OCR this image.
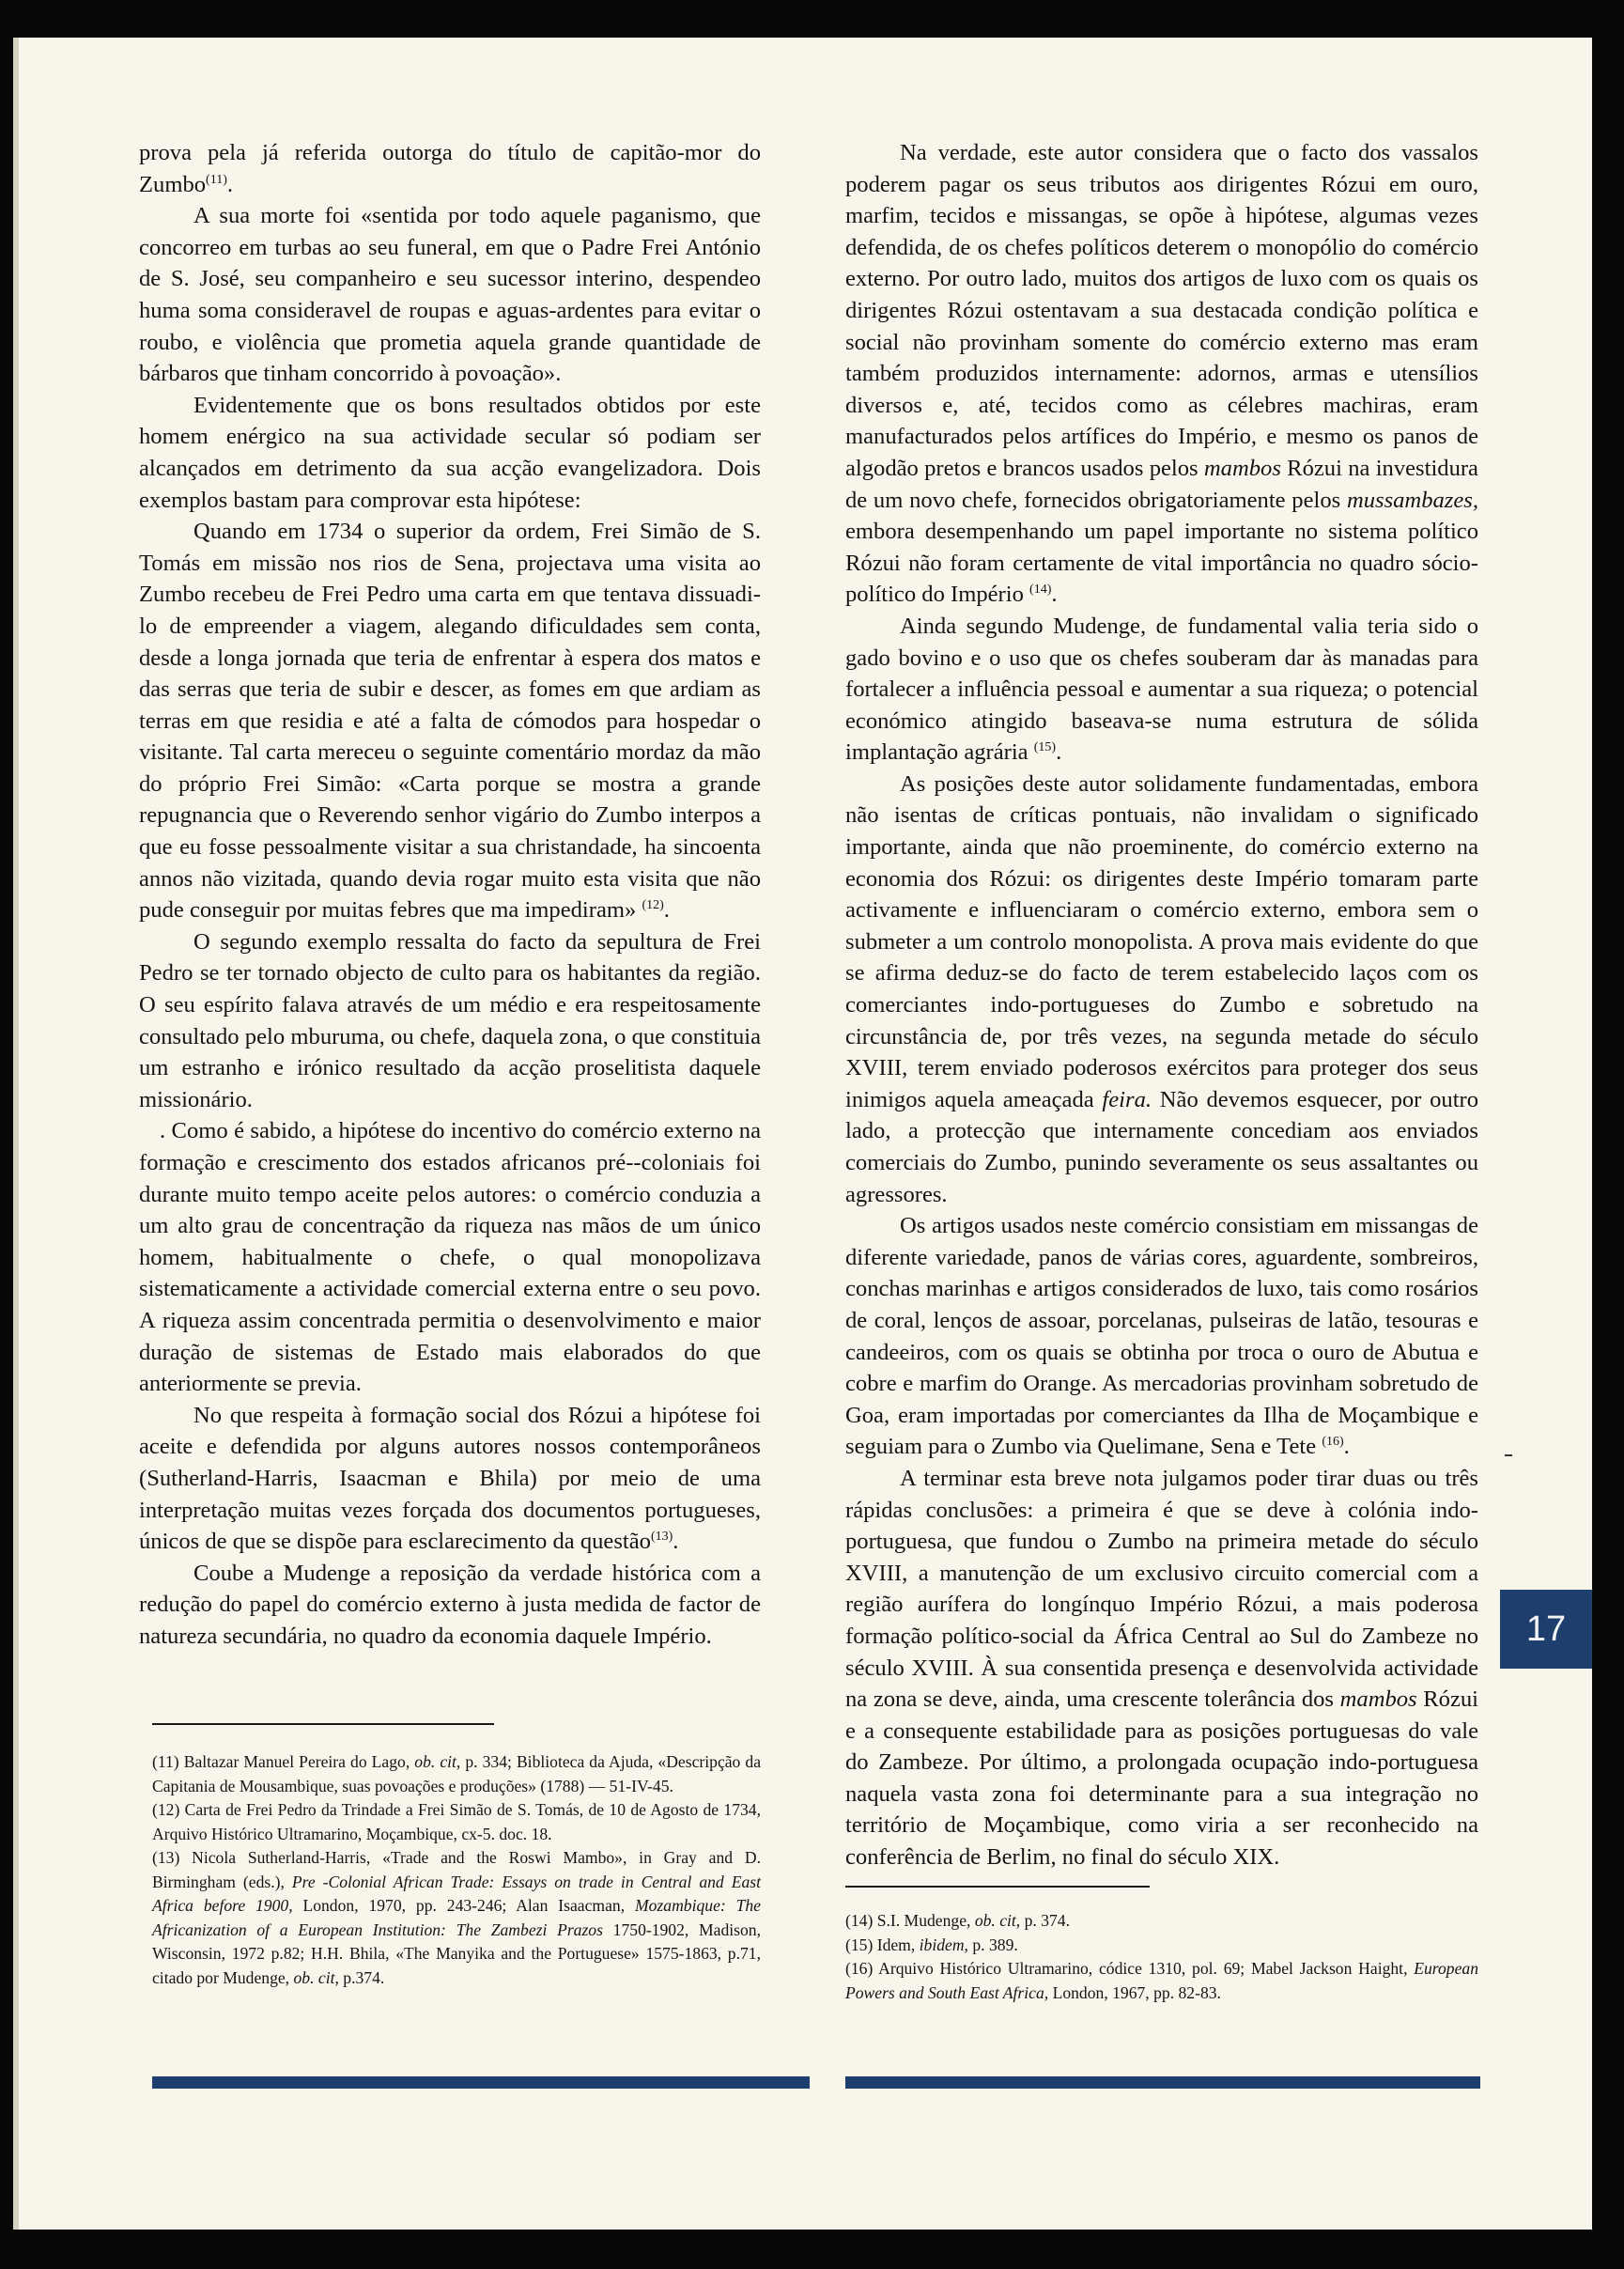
prova pela já referida outorga do título de capitão-mor do Zumbo$^{(11)}$.

A sua morte foi «sentida por todo aquele paganismo, que concorreo em turbas ao seu funeral, em que o Padre Frei António de S. José, seu companheiro e seu sucessor interino, despendeo huma soma consideravel de roupas e aguas-ardentes para evitar o roubo, e violência que prometia aquela grande quantidade de bárbaros que tinham concorrido à povoação».

Evidentemente que os bons resultados obtidos por este homem enérgico na sua actividade secular só podiam ser alcançados em detrimento da sua acção evangelizadora. Dois exemplos bastam para comprovar esta hipótese:

Quando em 1734 o superior da ordem, Frei Simão de S. Tomás em missão nos rios de Sena, projectava uma visita ao Zumbo recebeu de Frei Pedro uma carta em que tentava dissuadi-lo de empreender a viagem, alegando dificuldades sem conta, desde a longa jornada que teria de enfrentar à espera dos matos e das serras que teria de subir e descer, as fomes em que ardiam as terras em que residia e até a falta de cómodos para hospedar o visitante. Tal carta mereceu o seguinte comentário mordaz da mão do próprio Frei Simão: «Carta porque se mostra a grande repugnancia que o Reverendo senhor vigário do Zumbo interpos a que eu fosse pessoalmente visitar a sua christandade, ha sincoenta annos não vizitada, quando devia rogar muito esta visita que não pude conseguir por muitas febres que ma impediram» $^{(12)}$.

O segundo exemplo ressalta do facto da sepultura de Frei Pedro se ter tornado objecto de culto para os habitantes da região. O seu espírito falava através de um médio e era respeitosamente consultado pelo mburuma, ou chefe, daquela zona, o que constituia um estranho e irónico resultado da acção proselitista daquele missionário.

. Como é sabido, a hipótese do incentivo do comércio externo na formação e crescimento dos estados africanos pré--coloniais foi durante muito tempo aceite pelos autores: o comércio conduzia a um alto grau de concentração da riqueza nas mãos de um único homem, habitualmente o chefe, o qual monopolizava sistematicamente a actividade comercial externa entre o seu povo. A riqueza assim concentrada permitia o desenvolvimento e maior duração de sistemas de Estado mais elaborados do que anteriormente se previa.

No que respeita à formação social dos Rózui a hipótese foi aceite e defendida por alguns autores nossos contemporâneos (Sutherland-Harris, Isaacman e Bhila) por meio de uma interpretação muitas vezes forçada dos documentos portugueses, únicos de que se dispõe para esclarecimento da questão$^{(13)}$.

Coube a Mudenge a reposição da verdade histórica com a redução do papel do comércio externo à justa medida de factor de natureza secundária, no quadro da economia daquele Império.

(11) Baltazar Manuel Pereira do Lago, ob. cit, p. 334; Biblioteca da Ajuda, «Descripção da Capitania de Mousambique, suas povoações e produções» (1788) — 51-IV-45.

(12) Carta de Frei Pedro da Trindade a Frei Simão de S. Tomás, de 10 de Agosto de 1734, Arquivo Histórico Ultramarino, Moçambique, cx-5. doc. 18.

(13) Nicola Sutherland-Harris, «Trade and the Roswi Mambo», in Gray and D. Birmingham (eds.), Pre -Colonial African Trade: Essays on trade in Central and East Africa before 1900, London, 1970, pp. 243-246; Alan Isaacman, Mozambique: The Africanization of a European Institution: The Zambezi Prazos 1750-1902, Madison, Wisconsin, 1972 p.82; H.H. Bhila, «The Manyika and the Portuguese» 1575-1863, p.71, citado por Mudenge, ob. cit, p.374.

Na verdade, este autor considera que o facto dos vassalos poderem pagar os seus tributos aos dirigentes Rózui em ouro, marfim, tecidos e missangas, se opõe à hipótese, algumas vezes defendida, de os chefes políticos deterem o monopólio do comércio externo. Por outro lado, muitos dos artigos de luxo com os quais os dirigentes Rózui ostentavam a sua destacada condição política e social não provinham somente do comércio externo mas eram também produzidos internamente: adornos, armas e utensílios diversos e, até, tecidos como as célebres machiras, eram manufacturados pelos artífices do Império, e mesmo os panos de algodão pretos e brancos usados pelos mambos Rózui na investidura de um novo chefe, fornecidos obrigatoriamente pelos mussambazes, embora desempenhando um papel importante no sistema político Rózui não foram certamente de vital importância no quadro sócio-político do Império $^{(14)}$.

Ainda segundo Mudenge, de fundamental valia teria sido o gado bovino e o uso que os chefes souberam dar às manadas para fortalecer a influência pessoal e aumentar a sua riqueza; o potencial económico atingido baseava-se numa estrutura de sólida implantação agrária $^{(15)}$.

As posições deste autor solidamente fundamentadas, embora não isentas de críticas pontuais, não invalidam o significado importante, ainda que não proeminente, do comércio externo na economia dos Rózui: os dirigentes deste Império tomaram parte activamente e influenciaram o comércio externo, embora sem o submeter a um controlo monopolista. A prova mais evidente do que se afirma deduz-se do facto de terem estabelecido laços com os comerciantes indo-portugueses do Zumbo e sobretudo na circunstância de, por três vezes, na segunda metade do século XVIII, terem enviado poderosos exércitos para proteger dos seus inimigos aquela ameaçada feira. Não devemos esquecer, por outro lado, a protecção que internamente concediam aos enviados comerciais do Zumbo, punindo severamente os seus assaltantes ou agressores.

Os artigos usados neste comércio consistiam em missangas de diferente variedade, panos de várias cores, aguardente, sombreiros, conchas marinhas e artigos considerados de luxo, tais como rosários de coral, lenços de assoar, porcelanas, pulseiras de latão, tesouras e candeeiros, com os quais se obtinha por troca o ouro de Abutua e cobre e marfim do Orange. As mercadorias provinham sobretudo de Goa, eram importadas por comerciantes da Ilha de Moçambique e seguiam para o Zumbo via Quelimane, Sena e Tete $^{(16)}$.

A terminar esta breve nota julgamos poder tirar duas ou três rápidas conclusões: a primeira é que se deve à colónia indo-portuguesa, que fundou o Zumbo na primeira metade do século XVIII, a manutenção de um exclusivo circuito comercial com a região aurífera do longínquo Império Rózui, a mais poderosa formação político-social da África Central ao Sul do Zambeze no século XVIII. À sua consentida presença e desenvolvida actividade na zona se deve, ainda, uma crescente tolerância dos mambos Rózui e a consequente estabilidade para as posições portuguesas do vale do Zambeze. Por último, a prolongada ocupação indo-portuguesa naquela vasta zona foi determinante para a sua integração no território de Moçambique, como viria a ser reconhecido na conferência de Berlim, no final do século XIX.

(14) S.I. Mudenge, ob. cit, p. 374.

(15) Idem, ibidem, p. 389.

(16) Arquivo Histórico Ultramarino, códice 1310, pol. 69; Mabel Jackson Haight, European Powers and South East Africa, London, 1967, pp. 82-83.

17
